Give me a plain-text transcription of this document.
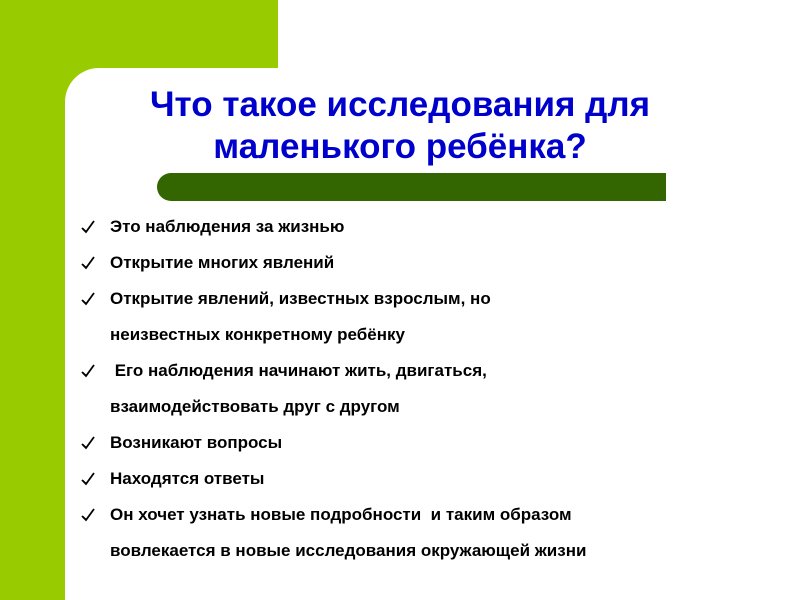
Что такое исследования для
маленького ребёнка?
Это наблюдения за жизнью
Открытие многих явлений
Открытие явлений, известных взрослым, но
неизвестных конкретному ребёнку
Его наблюдения начинают жить, двигаться,
взаимодействовать друг с другом
Возникают вопросы
Находятся ответы
Он хочет узнать новые подробности  и таким образом
вовлекается в новые исследования окружающей жизни
